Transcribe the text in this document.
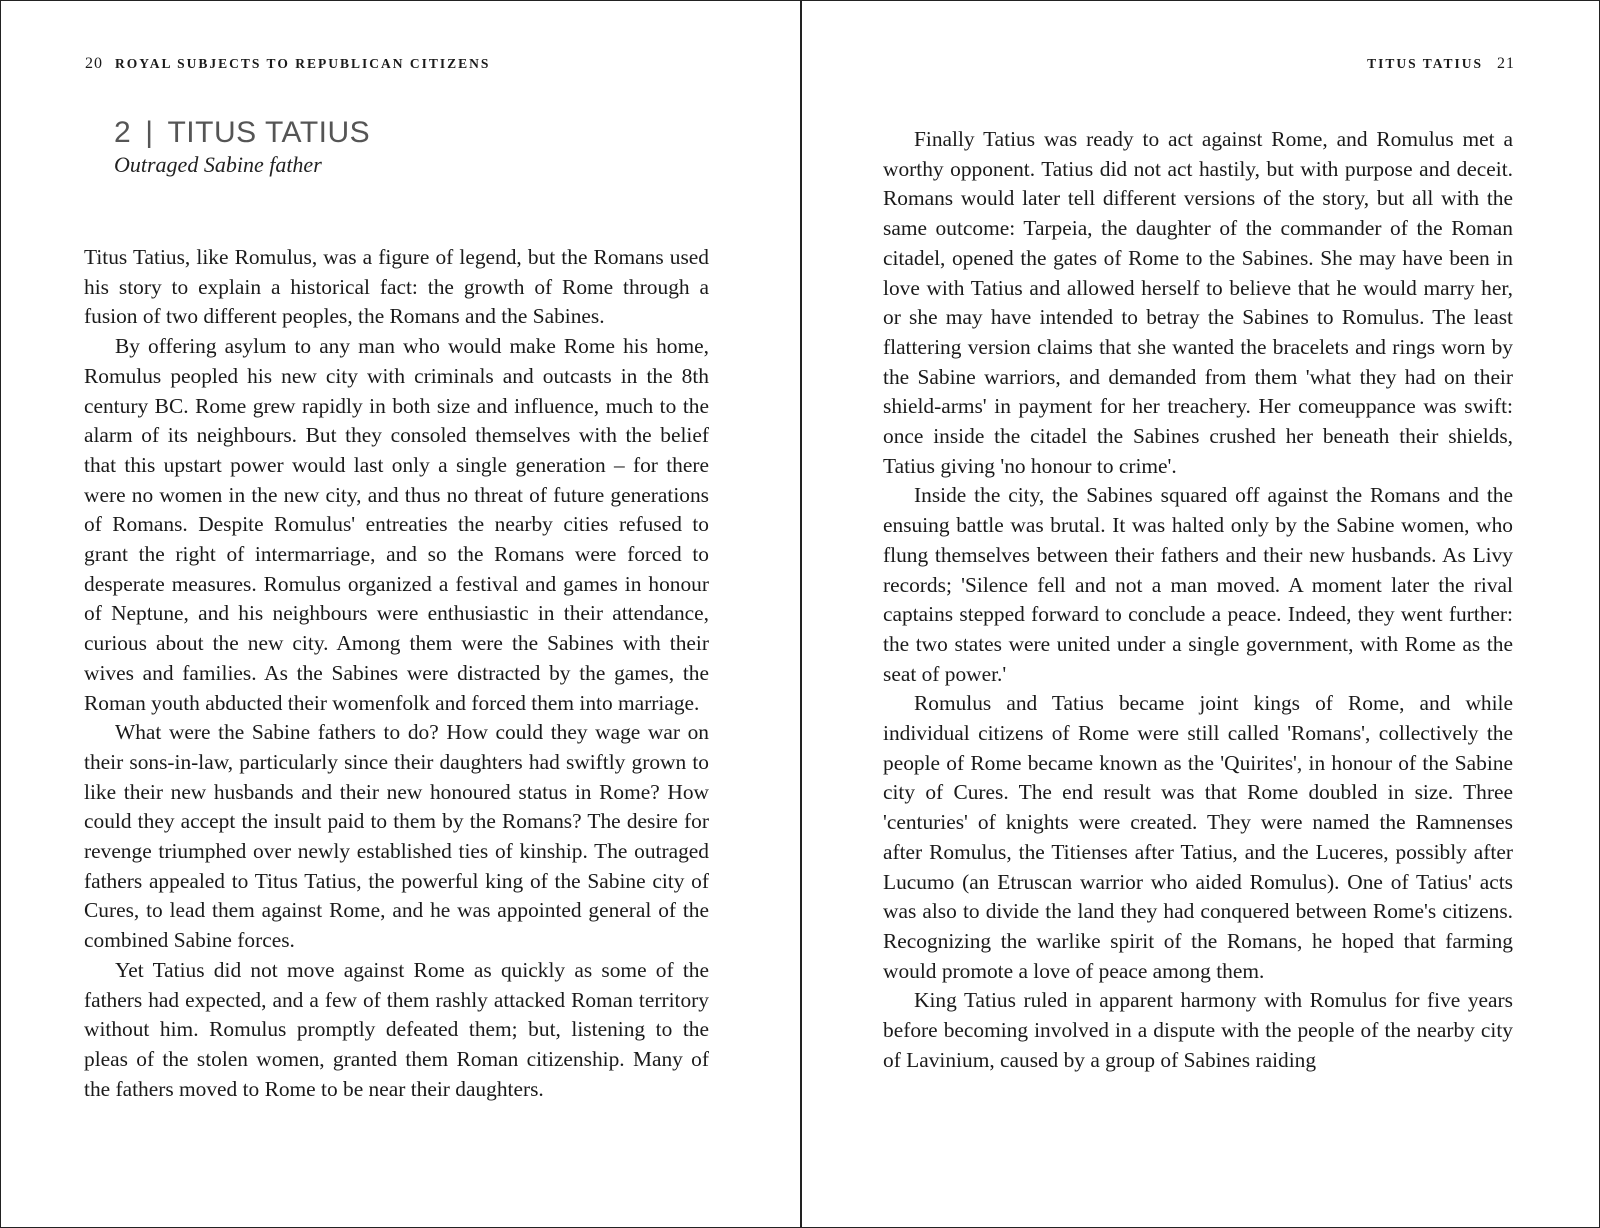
20 ROYAL SUBJECTS TO REPUBLICAN CITIZENS
2 | TITUS TATIUS
Outraged Sabine father

Titus Tatius, like Romulus, was a figure of legend, but the Romans used his story to explain a historical fact: the growth of Rome through a fusion of two different peoples, the Romans and the Sabines.

By offering asylum to any man who would make Rome his home, Romulus peopled his new city with criminals and outcasts in the 8th century BC. Rome grew rapidly in both size and influence, much to the alarm of its neighbours. But they consoled themselves with the belief that this upstart power would last only a single generation – for there were no women in the new city, and thus no threat of future generations of Romans. Despite Romulus' entreaties the nearby cities refused to grant the right of intermarriage, and so the Romans were forced to desperate measures. Romulus organized a festival and games in honour of Neptune, and his neighbours were enthusiastic in their attendance, curious about the new city. Among them were the Sabines with their wives and families. As the Sabines were distracted by the games, the Roman youth abducted their womenfolk and forced them into marriage.

What were the Sabine fathers to do? How could they wage war on their sons-in-law, particularly since their daughters had swiftly grown to like their new husbands and their new honoured status in Rome? How could they accept the insult paid to them by the Romans? The desire for revenge triumphed over newly established ties of kinship. The outraged fathers appealed to Titus Tatius, the powerful king of the Sabine city of Cures, to lead them against Rome, and he was appointed general of the combined Sabine forces.

Yet Tatius did not move against Rome as quickly as some of the fathers had expected, and a few of them rashly attacked Roman territory without him. Romulus promptly defeated them; but, listening to the pleas of the stolen women, granted them Roman citizenship. Many of the fathers moved to Rome to be near their daughters.

TITUS TATIUS 21

Finally Tatius was ready to act against Rome, and Romulus met a worthy opponent. Tatius did not act hastily, but with purpose and deceit. Romans would later tell different versions of the story, but all with the same outcome: Tarpeia, the daughter of the commander of the Roman citadel, opened the gates of Rome to the Sabines. She may have been in love with Tatius and allowed herself to believe that he would marry her, or she may have intended to betray the Sabines to Romulus. The least flattering version claims that she wanted the bracelets and rings worn by the Sabine warriors, and demanded from them 'what they had on their shield-arms' in payment for her treachery. Her comeuppance was swift: once inside the citadel the Sabines crushed her beneath their shields, Tatius giving 'no honour to crime'.

Inside the city, the Sabines squared off against the Romans and the ensuing battle was brutal. It was halted only by the Sabine women, who flung themselves between their fathers and their new husbands. As Livy records; 'Silence fell and not a man moved. A moment later the rival captains stepped forward to conclude a peace. Indeed, they went further: the two states were united under a single government, with Rome as the seat of power.'

Romulus and Tatius became joint kings of Rome, and while individual citizens of Rome were still called 'Romans', collectively the people of Rome became known as the 'Quirites', in honour of the Sabine city of Cures. The end result was that Rome doubled in size. Three 'centuries' of knights were created. They were named the Ramnenses after Romulus, the Titienses after Tatius, and the Luceres, possibly after Lucumo (an Etruscan warrior who aided Romulus). One of Tatius' acts was also to divide the land they had conquered between Rome's citizens. Recognizing the warlike spirit of the Romans, he hoped that farming would promote a love of peace among them.

King Tatius ruled in apparent harmony with Romulus for five years before becoming involved in a dispute with the people of the nearby city of Lavinium, caused by a group of Sabines raiding
